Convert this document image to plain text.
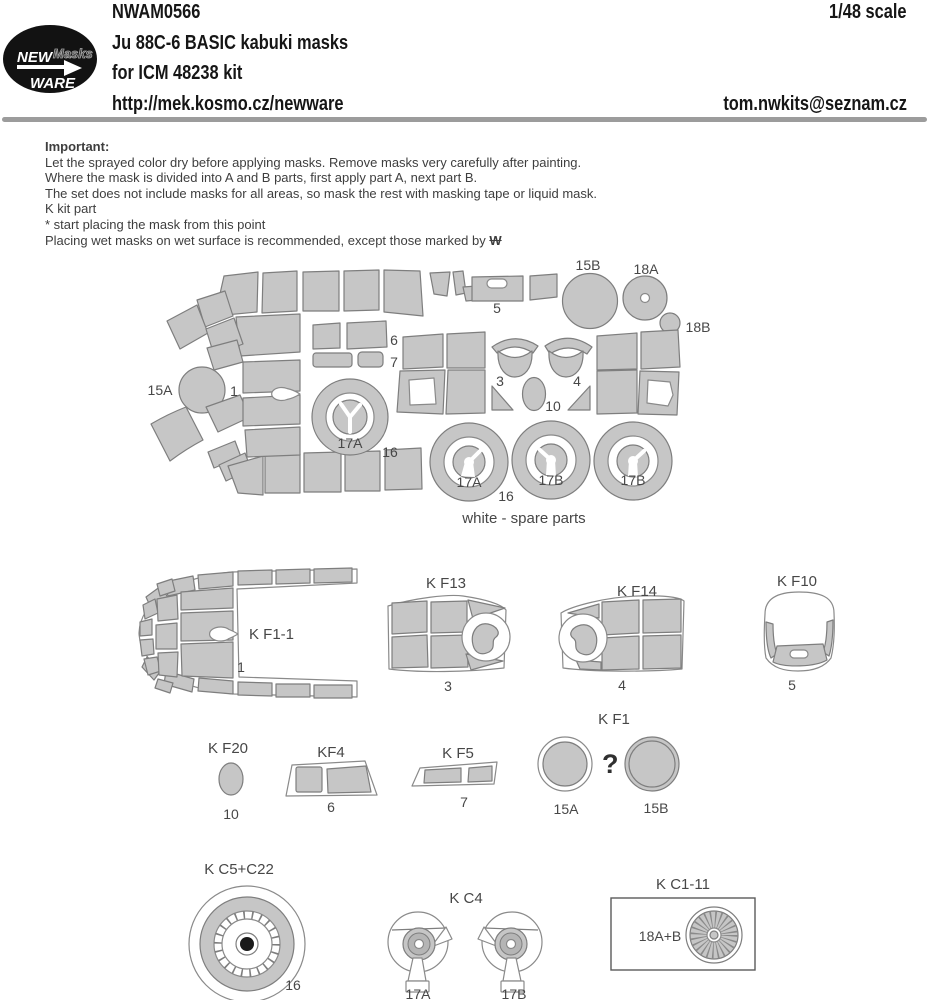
NEW Masks
WARE
NWAM0566
Ju 88C-6 BASIC kabuki masks
for ICM 48238 kit
http://mek.kosmo.cz/newware
1/48 scale
tom.nwkits@seznam.cz
Important:
Let the sprayed color dry before applying masks. Remove masks very carefully after painting.
Where the mask is divided into A and B parts, first apply part A, next part B.
The set does not include masks for all areas, so mask the rest with masking tape or liquid mask.
K kit part
* start placing the mask from this point
Placing wet masks on wet surface is recommended, except those marked by W
5
15B 18A
18B
15A	1
6
7
3	4
10
17A
16
17A	17B	17B
16
white - spare parts
K F1-1
1
K F13
3
K F14
4
K F10
5
K F20
10
KF4
6
K F5
7
K F1
?
15A	15B
K C5+C22
16
K C4
17A	17B
K C1-11
18A+B
